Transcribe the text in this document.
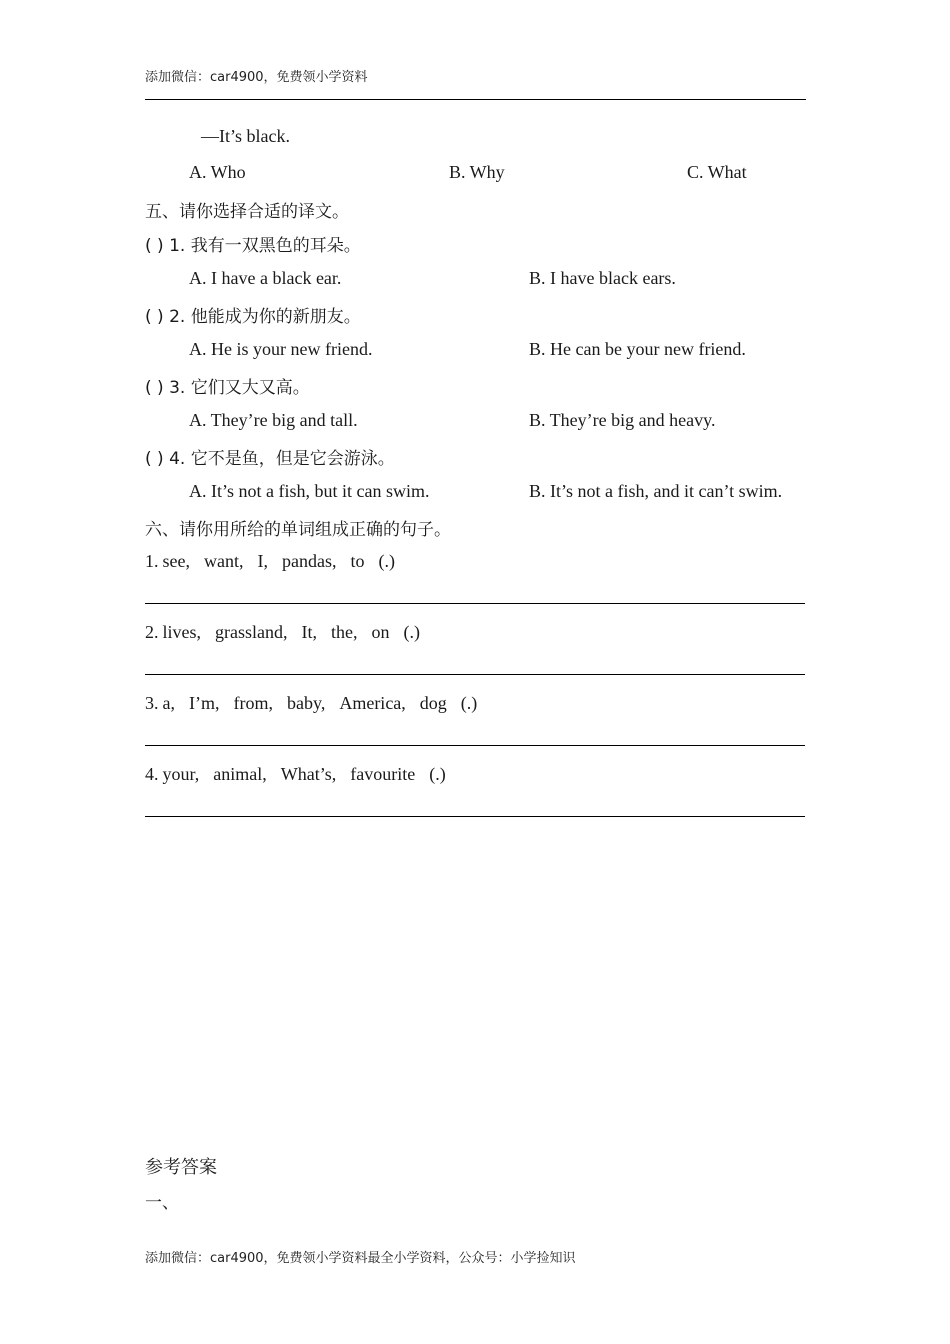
添加微信：car4900，免费领小学资料
—It’s black.
A. Who	B. Why	C. What
五、请你选择合适的译文。
( ) 1. 我有一双黑色的耳朵。
A. I have a black ear.	B. I have black ears.
( ) 2. 他能成为你的新朋友。
A. He is your new friend.	B. He can be your new friend.
( ) 3. 它们又大又高。
A. They’re big and tall.	B. They’re big and heavy.
( ) 4. 它不是鱼，但是它会游泳。
A. It’s not a fish, but it can swim.	B. It’s not a fish, and it can’t swim.
六、请你用所给的单词组成正确的句子。
1. see, want, I, pandas, to (.)
2. lives, grassland, It, the, on (.)
3. a, I’m, from, baby, America, dog (.)
4. your, animal, What’s, favourite (.)
参考答案
一、
添加微信：car4900，免费领小学资料最全小学资料，公众号：小学捡知识
